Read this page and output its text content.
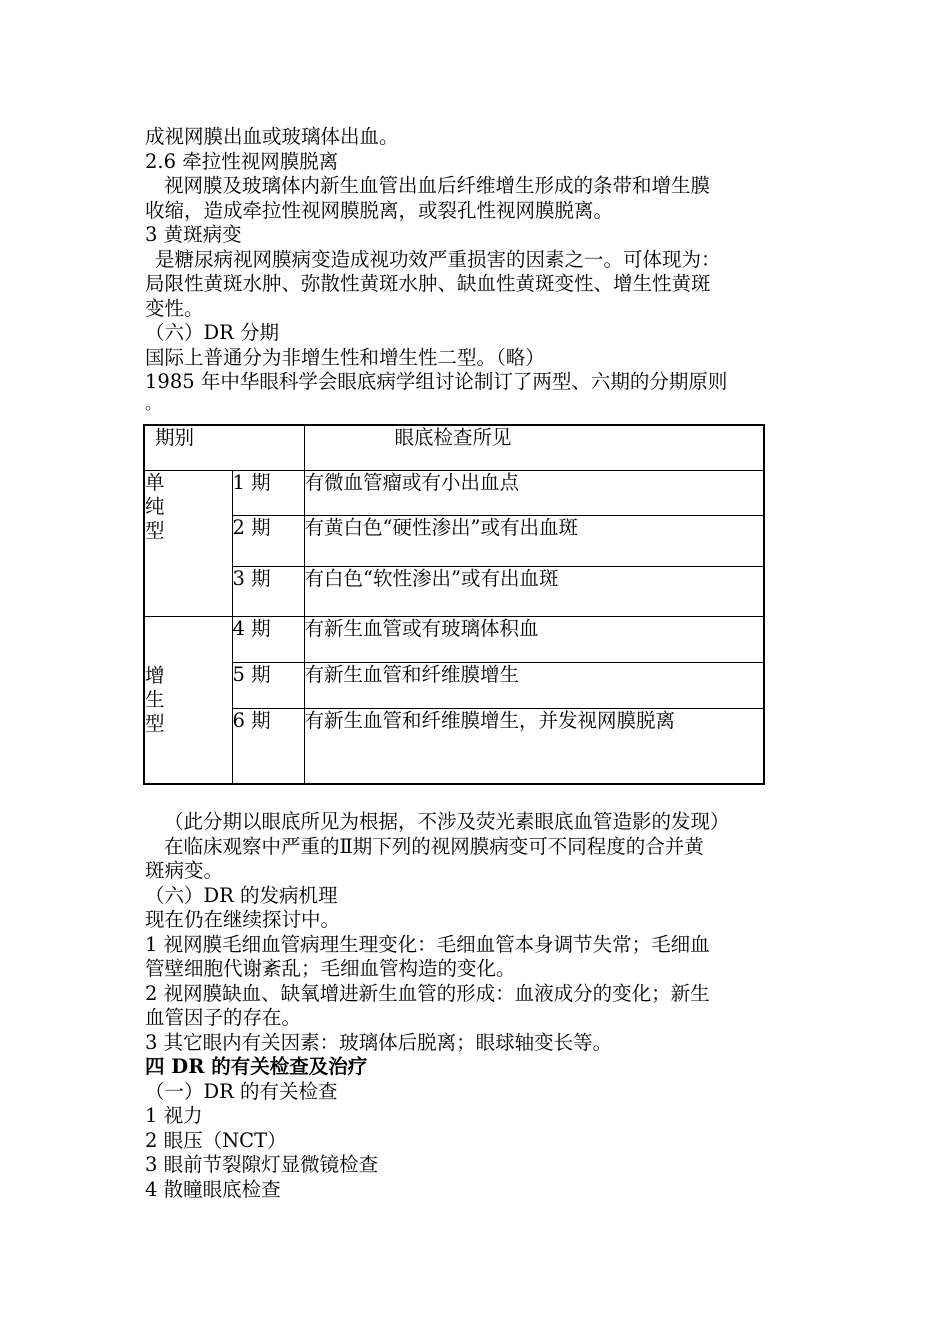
成视网膜出血或玻璃体出血。

2.6 牵拉性视网膜脱离

视网膜及玻璃体内新生血管出血后纤维增生形成的条带和增生膜

收缩，造成牵拉性视网膜脱离，或裂孔性视网膜脱离。

3 黄斑病变

是糖尿病视网膜病变造成视功效严重损害的因素之一。可体现为：

局限性黄斑水肿、弥散性黄斑水肿、缺血性黄斑变性、增生性黄斑

变性。

（六）DR 分期

国际上普通分为非增生性和增生性二型。（略）

1985 年中华眼科学会眼底病学组讨论制订了两型、六期的分期原则

。

期别		眼底检查所见

单纯型	1 期	有微血管瘤或有小出血点
	2 期	有黄白色“硬性渗出”或有出血斑
	3 期	有白色“软性渗出”或有出血斑

增生型	4 期	有新生血管或有玻璃体积血
	5 期	有新生血管和纤维膜增生
	6 期	有新生血管和纤维膜增生，并发视网膜脱离

（此分期以眼底所见为根据，不涉及荧光素眼底血管造影的发现）

在临床观察中严重的Ⅱ期下列的视网膜病变可不同程度的合并黄

斑病变。

（六）DR 的发病机理

现在仍在继续探讨中。

1 视网膜毛细血管病理生理变化：毛细血管本身调节失常；毛细血

管壁细胞代谢紊乱；毛细血管构造的变化。

2 视网膜缺血、缺氧增进新生血管的形成：血液成分的变化；新生

血管因子的存在。

3 其它眼内有关因素：玻璃体后脱离；眼球轴变长等。

四 DR 的有关检查及治疗

（一）DR 的有关检查

1 视力

2 眼压（NCT）

3 眼前节裂隙灯显微镜检查

4 散瞳眼底检查
